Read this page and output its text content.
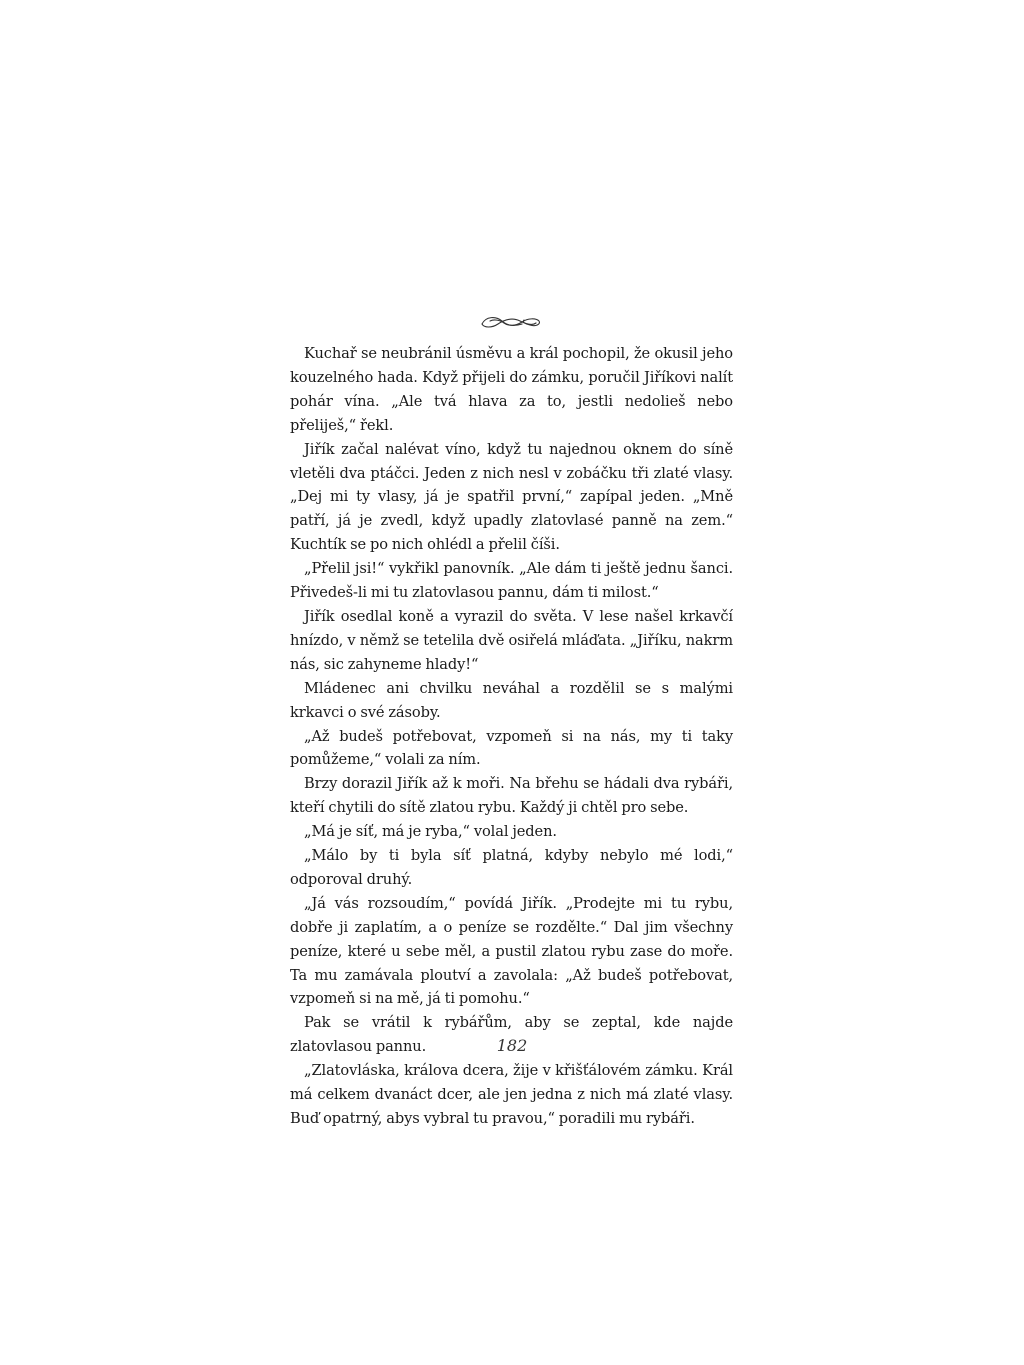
Kuchař se neubránil úsměvu a král pochopil, že okusil jeho kouzelného hada. Když přijeli do zámku, poručil Jiříkovi nalít pohár vína. „Ale tvá hlava za to, jestli nedolieš nebo přeliješ,“ řekl.

Jiřík začal nalévat víno, když tu najednou oknem do síně vletěli dva ptáčci. Jeden z nich nesl v zobáčku tři zlaté vlasy. „Dej mi ty vlasy, já je spatřil první,“ zapípal jeden. „Mně patří, já je zvedl, když upadly zlatovlasé panně na zem.“ Kuchtík se po nich ohlédl a přelil číši.

„Přelil jsi!“ vykřikl panovník. „Ale dám ti ještě jednu šanci. Přivedeš-li mi tu zlatovlasou pannu, dám ti milost.“

Jiřík osedlal koně a vyrazil do světa. V lese našel krkavčí hnízdo, v němž se tetelila dvě osiřelá mláďata. „Jiříku, nakrm nás, sic zahyneme hlady!“

Mládenec ani chvilku neváhal a rozdělil se s malými krkavci o své zásoby.

„Až budeš potřebovat, vzpomeň si na nás, my ti taky pomůžeme,“ volali za ním.

Brzy dorazil Jiřík až k moři. Na břehu se hádali dva rybáři, kteří chytili do sítě zlatou rybu. Každý ji chtěl pro sebe.

„Má je síť, má je ryba,“ volal jeden.

„Málo by ti byla síť platná, kdyby nebylo mé lodi,“ odporoval druhý.

„Já vás rozsoudím,“ povídá Jiřík. „Prodejte mi tu rybu, dobře ji zaplatím, a o peníze se rozdělte.“ Dal jim všechny peníze, které u sebe měl, a pustil zlatou rybu zase do moře. Ta mu zamávala ploutví a zavolala: „Až budeš potřebovat, vzpomeň si na mě, já ti pomohu.“

Pak se vrátil k rybářům, aby se zeptal, kde najde zlatovlasou pannu.

„Zlatovláska, králova dcera, žije v křišťálovém zámku. Král má celkem dvanáct dcer, ale jen jedna z nich má zlaté vlasy. Buď opatrný, abys vybral tu pravou,“ poradili mu rybáři.

182
